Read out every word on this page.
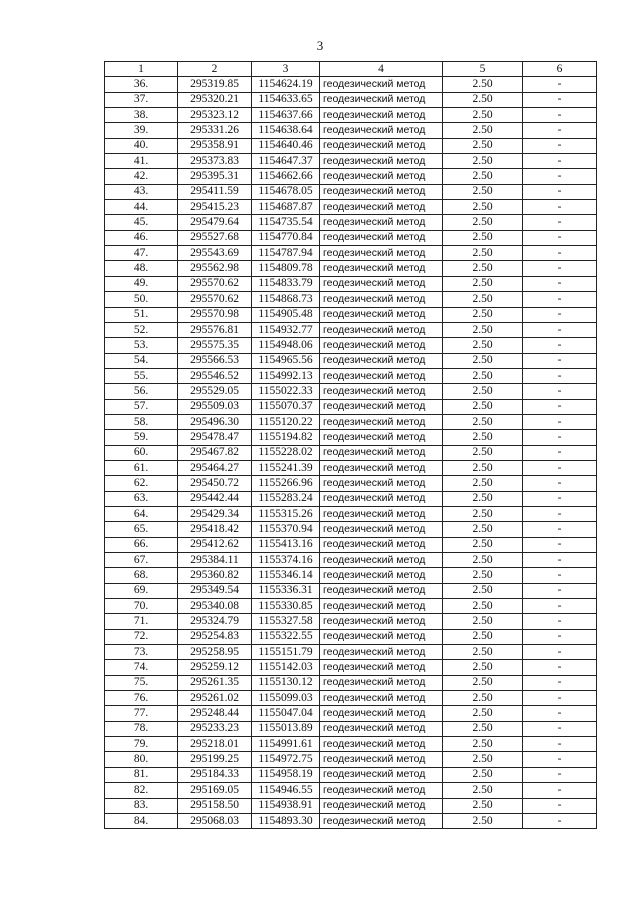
3
1	2	3	4	5	6
36.	295319.85	1154624.19	геодезический метод	2.50	-
37.	295320.21	1154633.65	геодезический метод	2.50	-
38.	295323.12	1154637.66	геодезический метод	2.50	-
39.	295331.26	1154638.64	геодезический метод	2.50	-
40.	295358.91	1154640.46	геодезический метод	2.50	-
41.	295373.83	1154647.37	геодезический метод	2.50	-
42.	295395.31	1154662.66	геодезический метод	2.50	-
43.	295411.59	1154678.05	геодезический метод	2.50	-
44.	295415.23	1154687.87	геодезический метод	2.50	-
45.	295479.64	1154735.54	геодезический метод	2.50	-
46.	295527.68	1154770.84	геодезический метод	2.50	-
47.	295543.69	1154787.94	геодезический метод	2.50	-
48.	295562.98	1154809.78	геодезический метод	2.50	-
49.	295570.62	1154833.79	геодезический метод	2.50	-
50.	295570.62	1154868.73	геодезический метод	2.50	-
51.	295570.98	1154905.48	геодезический метод	2.50	-
52.	295576.81	1154932.77	геодезический метод	2.50	-
53.	295575.35	1154948.06	геодезический метод	2.50	-
54.	295566.53	1154965.56	геодезический метод	2.50	-
55.	295546.52	1154992.13	геодезический метод	2.50	-
56.	295529.05	1155022.33	геодезический метод	2.50	-
57.	295509.03	1155070.37	геодезический метод	2.50	-
58.	295496.30	1155120.22	геодезический метод	2.50	-
59.	295478.47	1155194.82	геодезический метод	2.50	-
60.	295467.82	1155228.02	геодезический метод	2.50	-
61.	295464.27	1155241.39	геодезический метод	2.50	-
62.	295450.72	1155266.96	геодезический метод	2.50	-
63.	295442.44	1155283.24	геодезический метод	2.50	-
64.	295429.34	1155315.26	геодезический метод	2.50	-
65.	295418.42	1155370.94	геодезический метод	2.50	-
66.	295412.62	1155413.16	геодезический метод	2.50	-
67.	295384.11	1155374.16	геодезический метод	2.50	-
68.	295360.82	1155346.14	геодезический метод	2.50	-
69.	295349.54	1155336.31	геодезический метод	2.50	-
70.	295340.08	1155330.85	геодезический метод	2.50	-
71.	295324.79	1155327.58	геодезический метод	2.50	-
72.	295254.83	1155322.55	геодезический метод	2.50	-
73.	295258.95	1155151.79	геодезический метод	2.50	-
74.	295259.12	1155142.03	геодезический метод	2.50	-
75.	295261.35	1155130.12	геодезический метод	2.50	-
76.	295261.02	1155099.03	геодезический метод	2.50	-
77.	295248.44	1155047.04	геодезический метод	2.50	-
78.	295233.23	1155013.89	геодезический метод	2.50	-
79.	295218.01	1154991.61	геодезический метод	2.50	-
80.	295199.25	1154972.75	геодезический метод	2.50	-
81.	295184.33	1154958.19	геодезический метод	2.50	-
82.	295169.05	1154946.55	геодезический метод	2.50	-
83.	295158.50	1154938.91	геодезический метод	2.50	-
84.	295068.03	1154893.30	геодезический метод	2.50	-
